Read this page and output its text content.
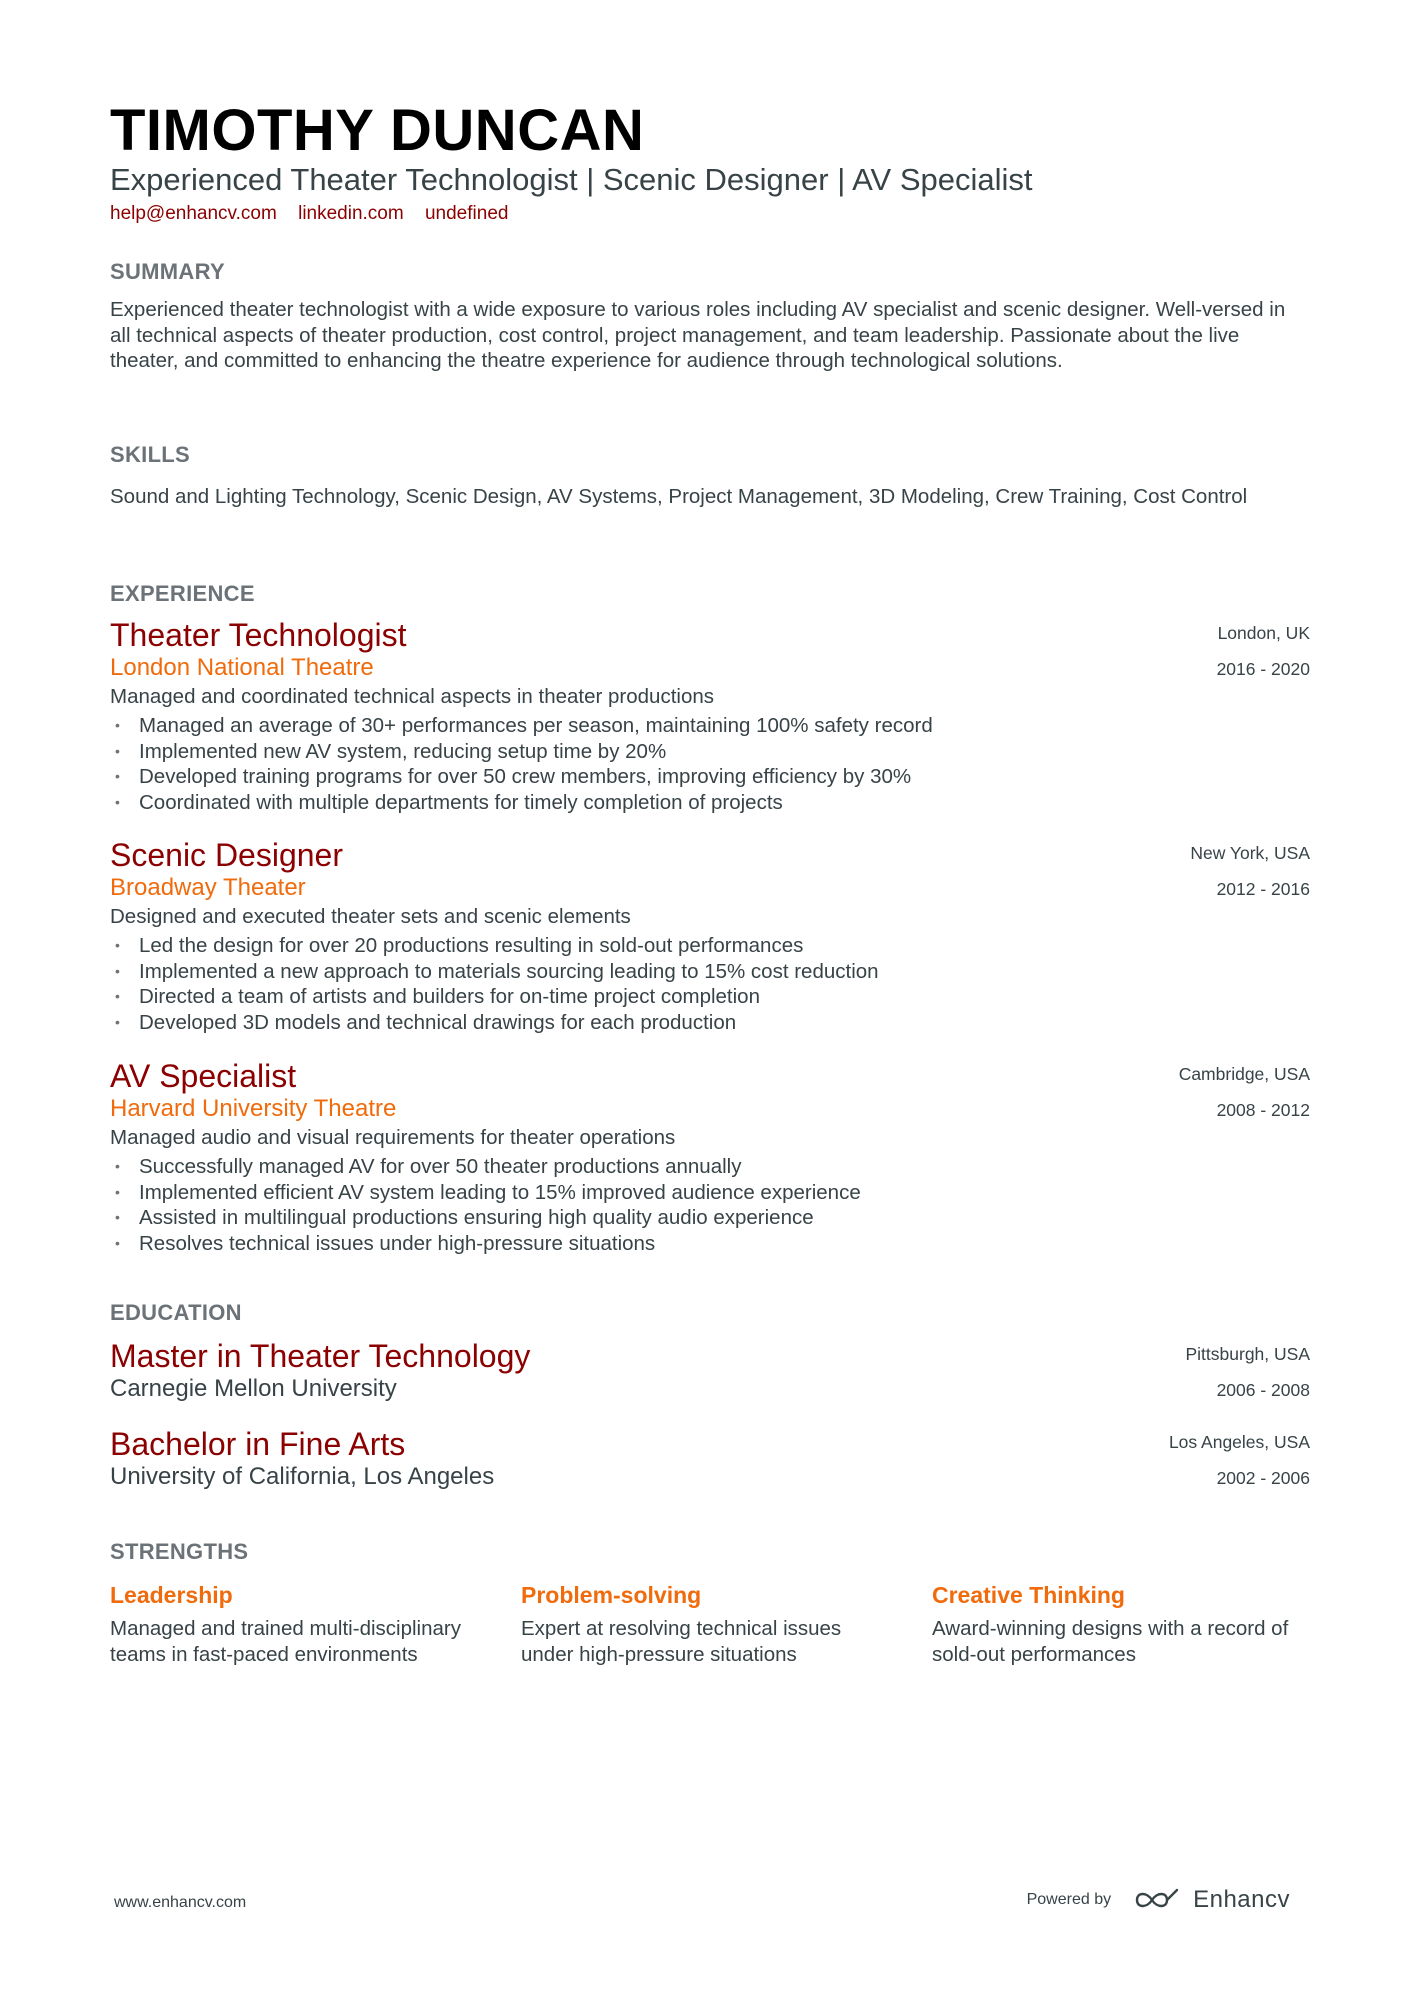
TIMOTHY DUNCAN
Experienced Theater Technologist | Scenic Designer | AV Specialist
help@enhancv.com linkedin.com undefined
SUMMARY
Experienced theater technologist with a wide exposure to various roles including AV specialist and scenic designer. Well-versed in all technical aspects of theater production, cost control, project management, and team leadership. Passionate about the live theater, and committed to enhancing the theatre experience for audience through technological solutions.
SKILLS
Sound and Lighting Technology, Scenic Design, AV Systems, Project Management, 3D Modeling, Crew Training, Cost Control
EXPERIENCE
Theater Technologist
London National Theatre
London, UK
2016 - 2020
Managed and coordinated technical aspects in theater productions
• Managed an average of 30+ performances per season, maintaining 100% safety record
• Implemented new AV system, reducing setup time by 20%
• Developed training programs for over 50 crew members, improving efficiency by 30%
• Coordinated with multiple departments for timely completion of projects
Scenic Designer
Broadway Theater
New York, USA
2012 - 2016
Designed and executed theater sets and scenic elements
• Led the design for over 20 productions resulting in sold-out performances
• Implemented a new approach to materials sourcing leading to 15% cost reduction
• Directed a team of artists and builders for on-time project completion
• Developed 3D models and technical drawings for each production
AV Specialist
Harvard University Theatre
Cambridge, USA
2008 - 2012
Managed audio and visual requirements for theater operations
• Successfully managed AV for over 50 theater productions annually
• Implemented efficient AV system leading to 15% improved audience experience
• Assisted in multilingual productions ensuring high quality audio experience
• Resolves technical issues under high-pressure situations
EDUCATION
Master in Theater Technology
Carnegie Mellon University
Pittsburgh, USA
2006 - 2008
Bachelor in Fine Arts
University of California, Los Angeles
Los Angeles, USA
2002 - 2006
STRENGTHS
Leadership
Managed and trained multi-disciplinary teams in fast-paced environments
Problem-solving
Expert at resolving technical issues under high-pressure situations
Creative Thinking
Award-winning designs with a record of sold-out performances
www.enhancv.com	Powered by	Enhancv
